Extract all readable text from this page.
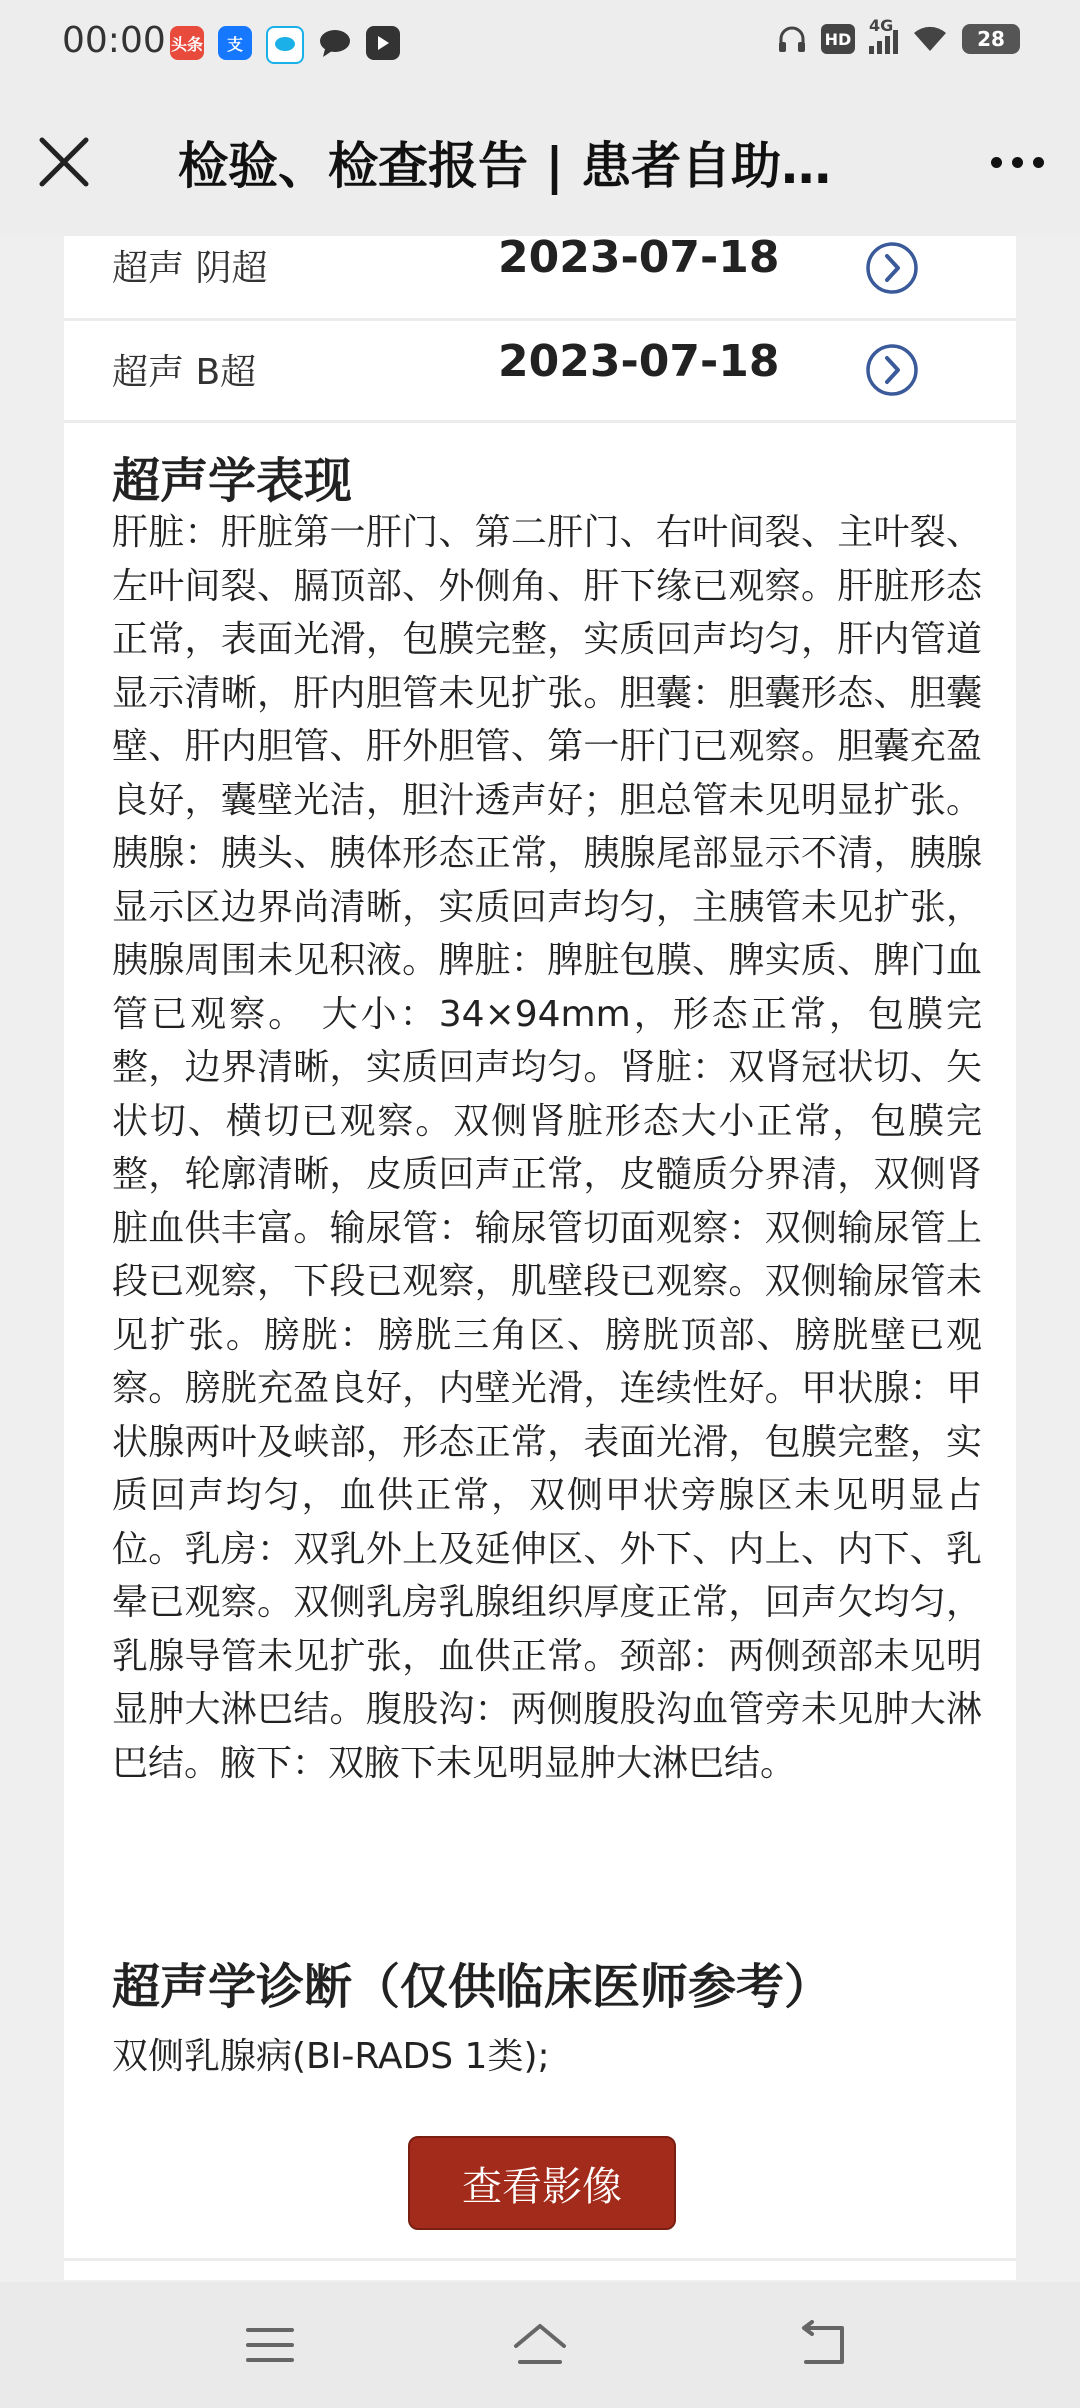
00:00 头条 支	HD
4G
28
检验、检查报告 | 患者自助…
超声 阴超	2023-07-18
超声 B超	2023-07-18
超声学表现
肝脏：肝脏第一肝门、第二肝门、右叶间裂、主叶裂、左叶间裂、膈顶部、外侧角、肝下缘已观察。肝脏形态正常，表面光滑，包膜完整，实质回声均匀，肝内管道显示清晰，肝内胆管未见扩张。胆囊：胆囊形态、胆囊壁、肝内胆管、肝外胆管、第一肝门已观察。胆囊充盈良好，囊壁光洁，胆汁透声好；胆总管未见明显扩张。胰腺：胰头、胰体形态正常，胰腺尾部显示不清，胰腺显示区边界尚清晰，实质回声均匀，主胰管未见扩张，胰腺周围未见积液。脾脏：脾脏包膜、脾实质、脾门血管已观察。 大小：34×94mm，形态正常，包膜完整，边界清晰，实质回声均匀。肾脏：双肾冠状切、矢状切、横切已观察。双侧肾脏形态大小正常，包膜完整，轮廓清晰，皮质回声正常，皮髓质分界清，双侧肾脏血供丰富。输尿管：输尿管切面观察：双侧输尿管上段已观察，下段已观察，肌壁段已观察。双侧输尿管未见扩张。膀胱：膀胱三角区、膀胱顶部、膀胱壁已观察。膀胱充盈良好，内壁光滑，连续性好。甲状腺：甲状腺两叶及峡部，形态正常，表面光滑，包膜完整，实质回声均匀，血供正常，双侧甲状旁腺区未见明显占位。乳房：双乳外上及延伸区、外下、内上、内下、乳晕已观察。双侧乳房乳腺组织厚度正常，回声欠均匀，乳腺导管未见扩张，血供正常。颈部：两侧颈部未见明显肿大淋巴结。腹股沟：两侧腹股沟血管旁未见肿大淋巴结。腋下：双腋下未见明显肿大淋巴结。
超声学诊断（仅供临床医师参考）
双侧乳腺病(BI-RADS 1类);
查看影像
